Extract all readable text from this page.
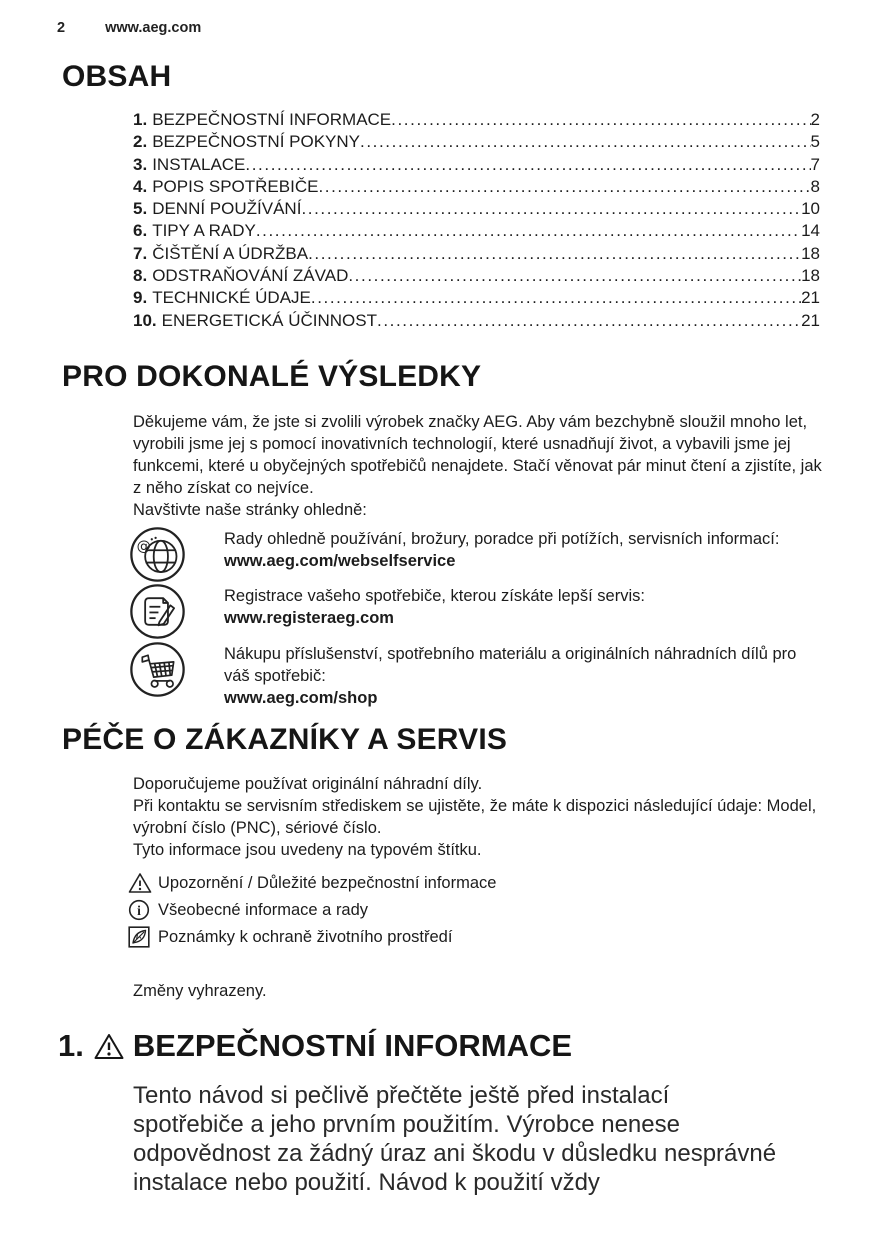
2	www.aeg.com
OBSAH
1. BEZPEČNOSTNÍ INFORMACE .....	2
2. BEZPEČNOSTNÍ POKYNY .....	5
3. INSTALACE .....	7
4. POPIS SPOTŘEBIČE .....	8
5. DENNÍ POUŽÍVÁNÍ .....	10
6. TIPY A RADY .....	14
7. ČIŠTĚNÍ A ÚDRŽBA .....	18
8. ODSTRAŇOVÁNÍ ZÁVAD .....	18
9. TECHNICKÉ ÚDAJE .....	21
10. ENERGETICKÁ ÚČINNOST .....	21
PRO DOKONALÉ VÝSLEDKY
Děkujeme vám, že jste si zvolili výrobek značky AEG. Aby vám bezchybně sloužil mnoho let, vyrobili jsme jej s pomocí inovativních technologií, které usnadňují život, a vybavili jsme jej funkcemi, které u obyčejných spotřebičů nenajdete. Stačí věnovat pár minut čtení a zjistíte, jak z něho získat co nejvíce.
Navštivte naše stránky ohledně:
@	Rady ohledně používání, brožury, poradce při potížích, servisních informací:
www.aeg.com/webselfservice
Registrace vašeho spotřebiče, kterou získáte lepší servis:
www.registeraeg.com
Nákupu příslušenství, spotřebního materiálu a originálních náhradních dílů pro váš spotřebič:
www.aeg.com/shop
PÉČE O ZÁKAZNÍKY A SERVIS
Doporučujeme používat originální náhradní díly.
Při kontaktu se servisním střediskem se ujistěte, že máte k dispozici následující údaje: Model, výrobní číslo (PNC), sériové číslo.
Tyto informace jsou uvedeny na typovém štítku.
Upozornění / Důležité bezpečnostní informace
i Všeobecné informace a rady
Poznámky k ochraně životního prostředí
Změny vyhrazeny.
1. BEZPEČNOSTNÍ INFORMACE
Tento návod si pečlivě přečtěte ještě před instalací spotřebiče a jeho prvním použitím. Výrobce nenese odpovědnost za žádný úraz ani škodu v důsledku nesprávné instalace nebo použití. Návod k použití vždy
